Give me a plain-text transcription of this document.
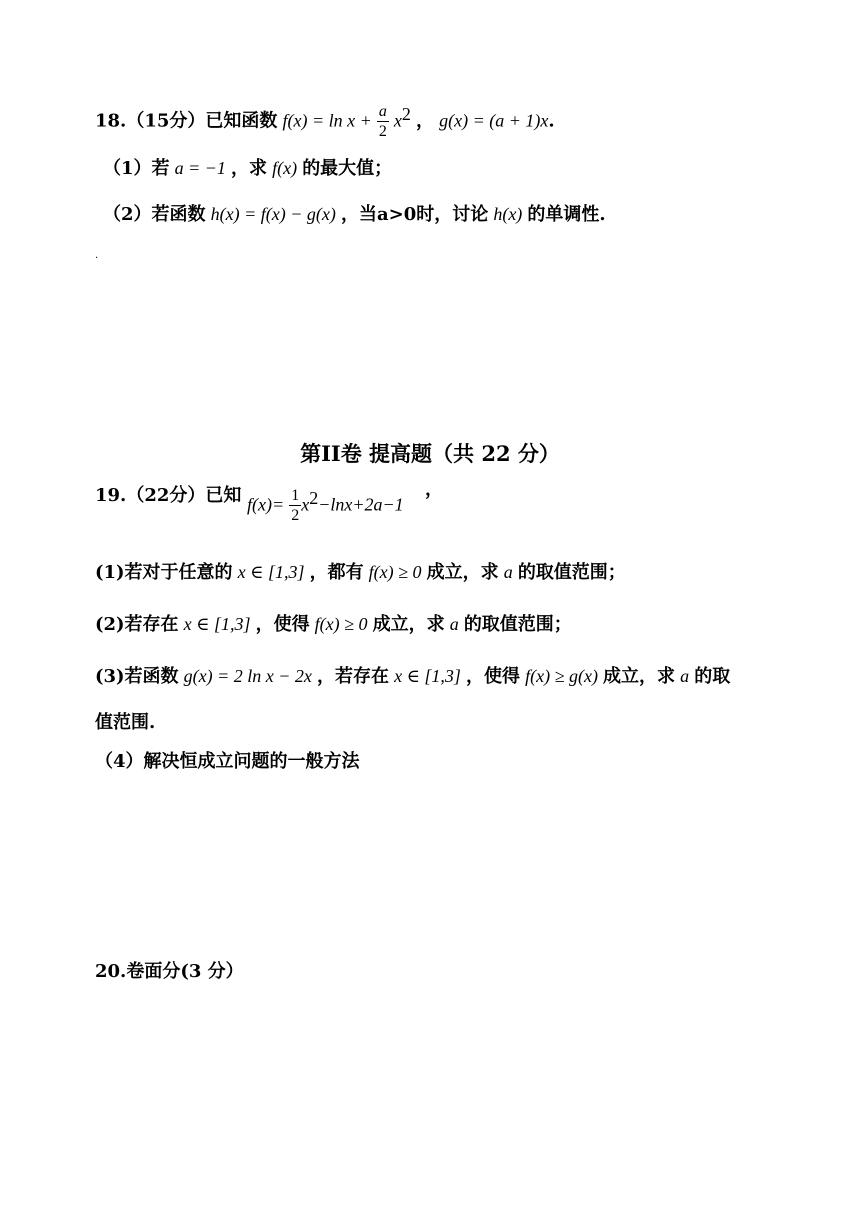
18.（15分）已知函数 $f(x) = \ln x + \frac{a}{2} x^2$ ， g(x) = (a + 1)x.
（1）若 a = −1 ，求 f(x) 的最大值；
（2）若函数 h(x) = f(x) − g(x) ，当a>0时，讨论 h(x) 的单调性.
.
第II卷 提高题（共 22 分）
19.（22分）已知	，
$f(x)= \frac{1}{2} x^2-\ln x+2a-1$
(1)若对于任意的 x ∈ [1,3] ，都有 f(x) ≥ 0 成立，求 a 的取值范围；
(2)若存在 x ∈ [1,3] ，使得 f(x) ≥ 0 成立，求 a 的取值范围；
(3)若函数 g(x) = 2 ln x − 2x ，若存在 x ∈ [1,3] ，使得 f(x) ≥ g(x) 成立，求 a 的取
值范围.
（4）解决恒成立问题的一般方法
20.卷面分(3 分）
